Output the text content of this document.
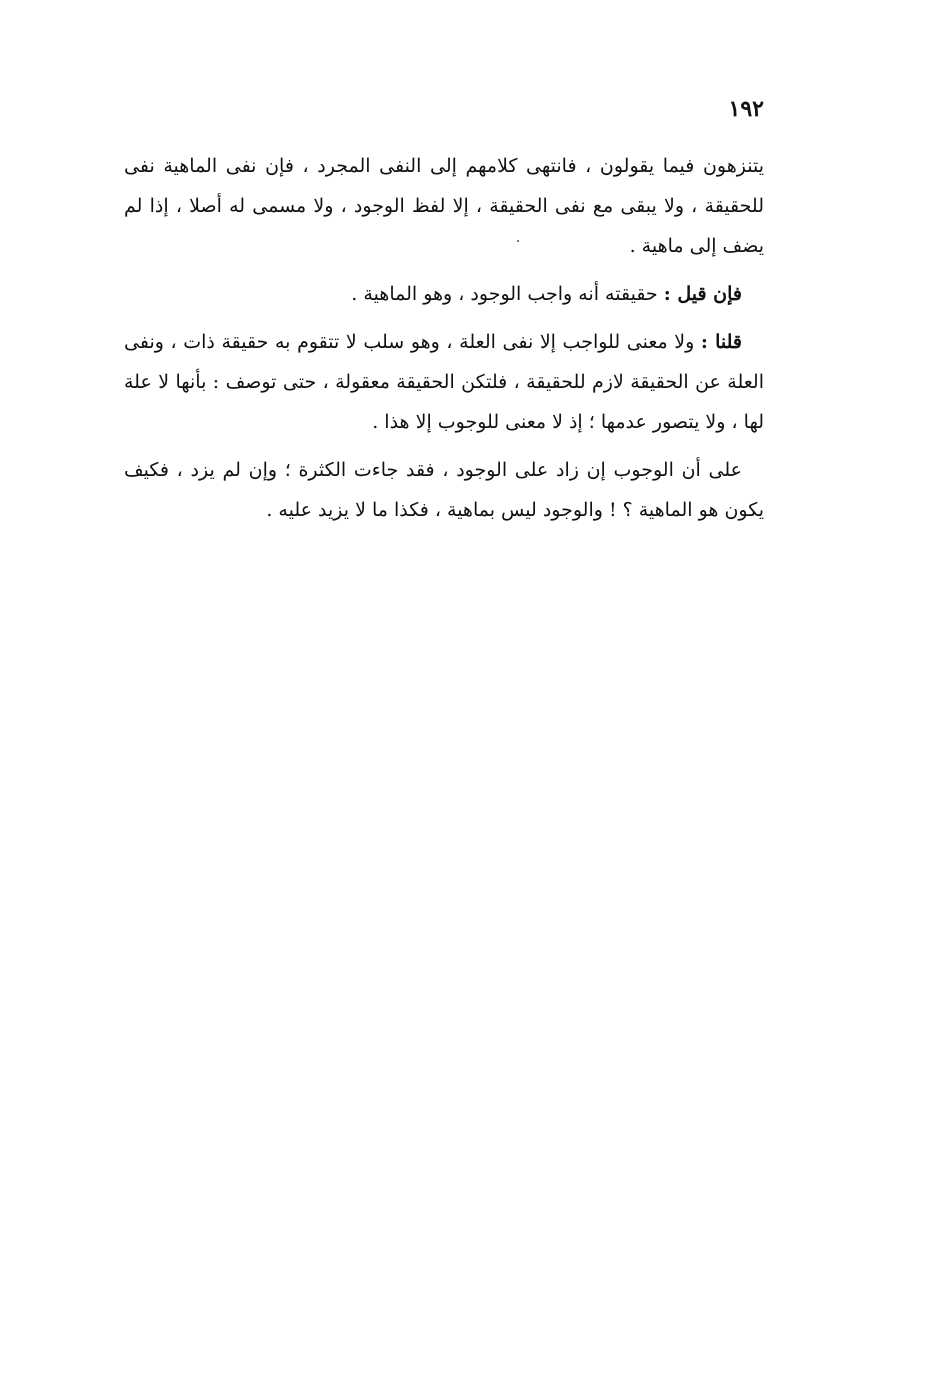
١٩٢

يتنزهون فيما يقولون ، فانتهى كلامهم إلى النفى المجرد ، فإن نفى الماهية نفى للحقيقة ، ولا يبقى مع نفى الحقيقة ، إلا لفظ الوجود ، ولا مسمى له أصلا ، إذا لم يضف إلى ماهية .

فإن قيل : حقيقته أنه واجب الوجود ، وهو الماهية .

قلنا : ولا معنى للواجب إلا نفى العلة ، وهو سلب لا تتقوم به حقيقة ذات ، ونفى العلة عن الحقيقة لازم للحقيقة ، فلتكن الحقيقة معقولة ، حتى توصف : بأنها لا علة لها ، ولا يتصور عدمها ؛ إذ لا معنى للوجوب إلا هذا .

على أن الوجوب إن زاد على الوجود ، فقد جاءت الكثرة ؛ وإن لم يزد ، فكيف يكون هو الماهية ؟ ! والوجود ليس بماهية ، فكذا ما لا يزيد عليه .
